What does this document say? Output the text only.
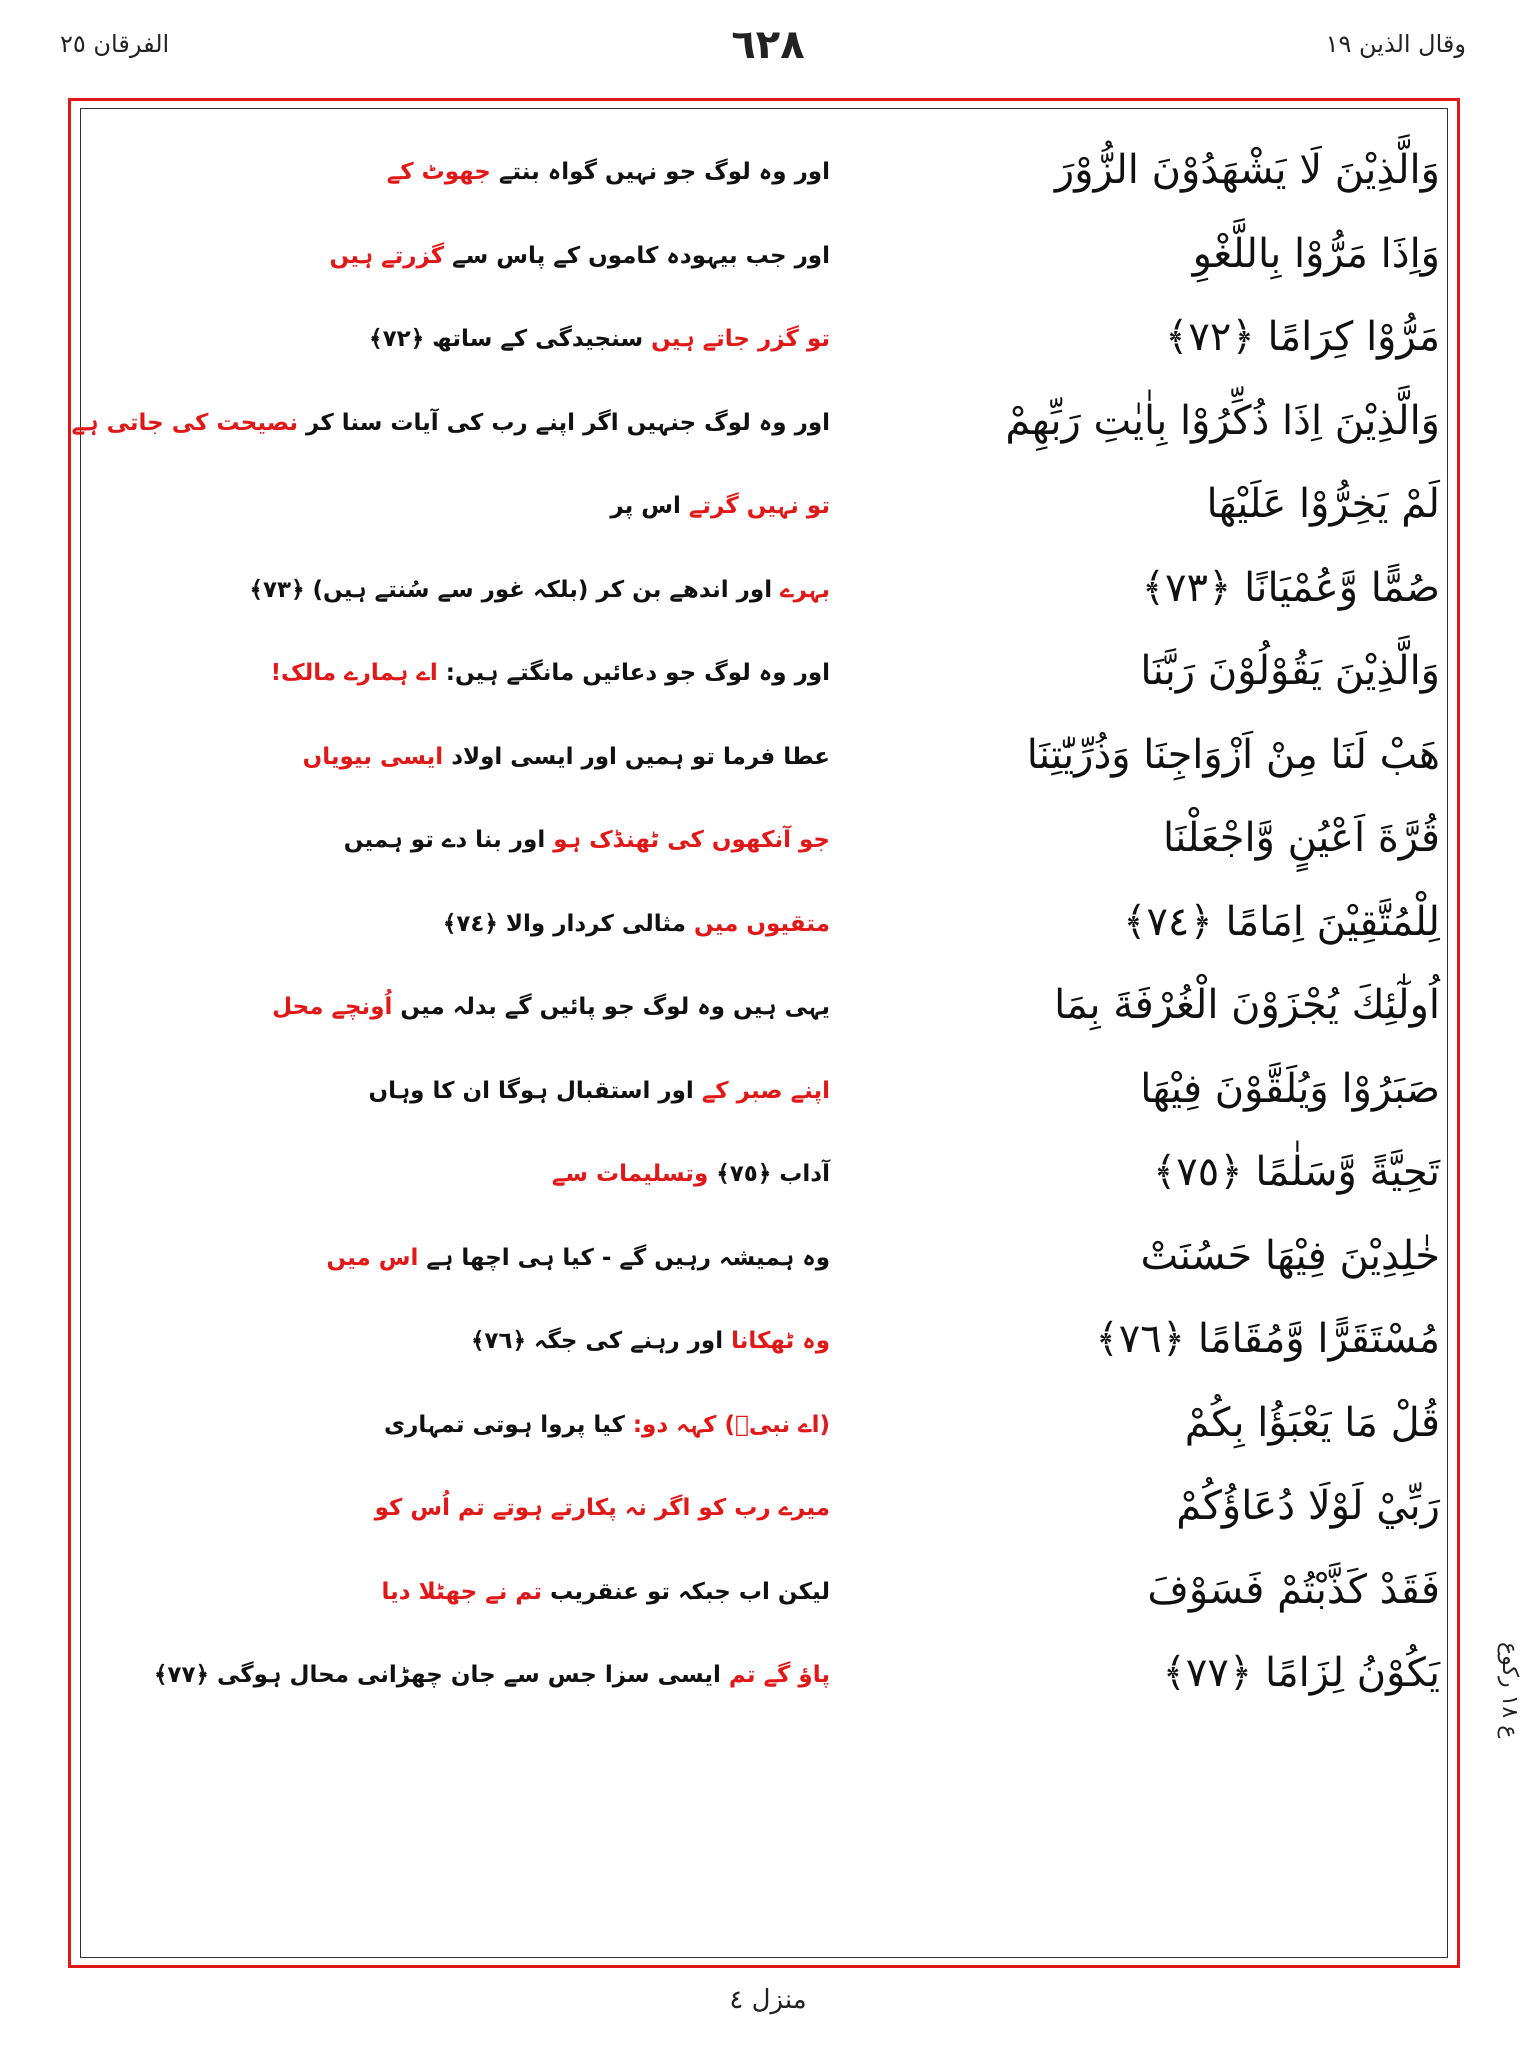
وقال الذين ١٩
٦٢٨
الفرقان ٢٥
وَالَّذِيْنَ لَا يَشْهَدُوْنَ الزُّوْرَ
اور وہ لوگ جو نہیں گواہ بنتے جھوٹ کے
وَاِذَا مَرُّوْا بِاللَّغْوِ
اور جب بیہودہ کاموں کے پاس سے گزرتے ہیں
مَرُّوْا كِرَامًا ﴿٧٢﴾
تو گزر جاتے ہیں سنجیدگی کے ساتھ ﴿٧٢﴾
وَالَّذِيْنَ اِذَا ذُكِّرُوْا بِاٰيٰتِ رَبِّهِمْ
اور وہ لوگ جنہیں اگر اپنے رب کی آیات سنا کر نصیحت کی جاتی ہے
لَمْ يَخِرُّوْا عَلَيْهَا
تو نہیں گرتے اس پر
صُمًّا وَّعُمْيَانًا ﴿٧٣﴾
بہرے اور اندھے بن کر (بلکہ غور سے سُنتے ہیں) ﴿٧٣﴾
وَالَّذِيْنَ يَقُوْلُوْنَ رَبَّنَا
اور وہ لوگ جو دعائیں مانگتے ہیں: اے ہمارے مالک!
هَبْ لَنَا مِنْ اَزْوَاجِنَا وَذُرِّيّٰتِنَا
عطا فرما تو ہمیں اور ایسی اولاد ایسی بیویاں
قُرَّةَ اَعْيُنٍ وَّاجْعَلْنَا
جو آنکھوں کی ٹھنڈک ہو اور بنا دے تو ہمیں
لِلْمُتَّقِيْنَ اِمَامًا ﴿٧٤﴾
متقیوں میں مثالی کردار والا ﴿٧٤﴾
اُولٰٓئِكَ يُجْزَوْنَ الْغُرْفَةَ بِمَا
یہی ہیں وہ لوگ جو پائیں گے بدلہ میں اُونچے محل
صَبَرُوْا وَيُلَقَّوْنَ فِيْهَا
اپنے صبر کے اور استقبال ہوگا ان کا وہاں
تَحِيَّةً وَّسَلٰمًا ﴿٧٥﴾
آداب ﴿٧٥﴾ وتسلیمات سے
خٰلِدِيْنَ فِيْهَا حَسُنَتْ
وہ ہمیشہ رہیں گے - کیا ہی اچھا ہے اس میں
مُسْتَقَرًّا وَّمُقَامًا ﴿٧٦﴾
وہ ٹھکانا اور رہنے کی جگہ ﴿٧٦﴾
قُلْ مَا يَعْبَؤُا بِكُمْ
(اے نبیؐ) کہہ دو: کیا پروا ہوتی تمہاری
رَبِّيْ لَوْلَا دُعَاؤُكُمْ
میرے رب کو اگر نہ پکارتے ہوتے تم اُس کو
فَقَدْ كَذَّبْتُمْ فَسَوْفَ
لیکن اب جبکہ تو عنقریب تم نے جھٹلا دیا
يَكُوْنُ لِزَامًا ﴿٧٧﴾
پاؤ گے تم ایسی سزا جس سے جان چھڑانی محال ہوگی ﴿٧٧﴾	ع ١٨ رکوع
منزل ٤
